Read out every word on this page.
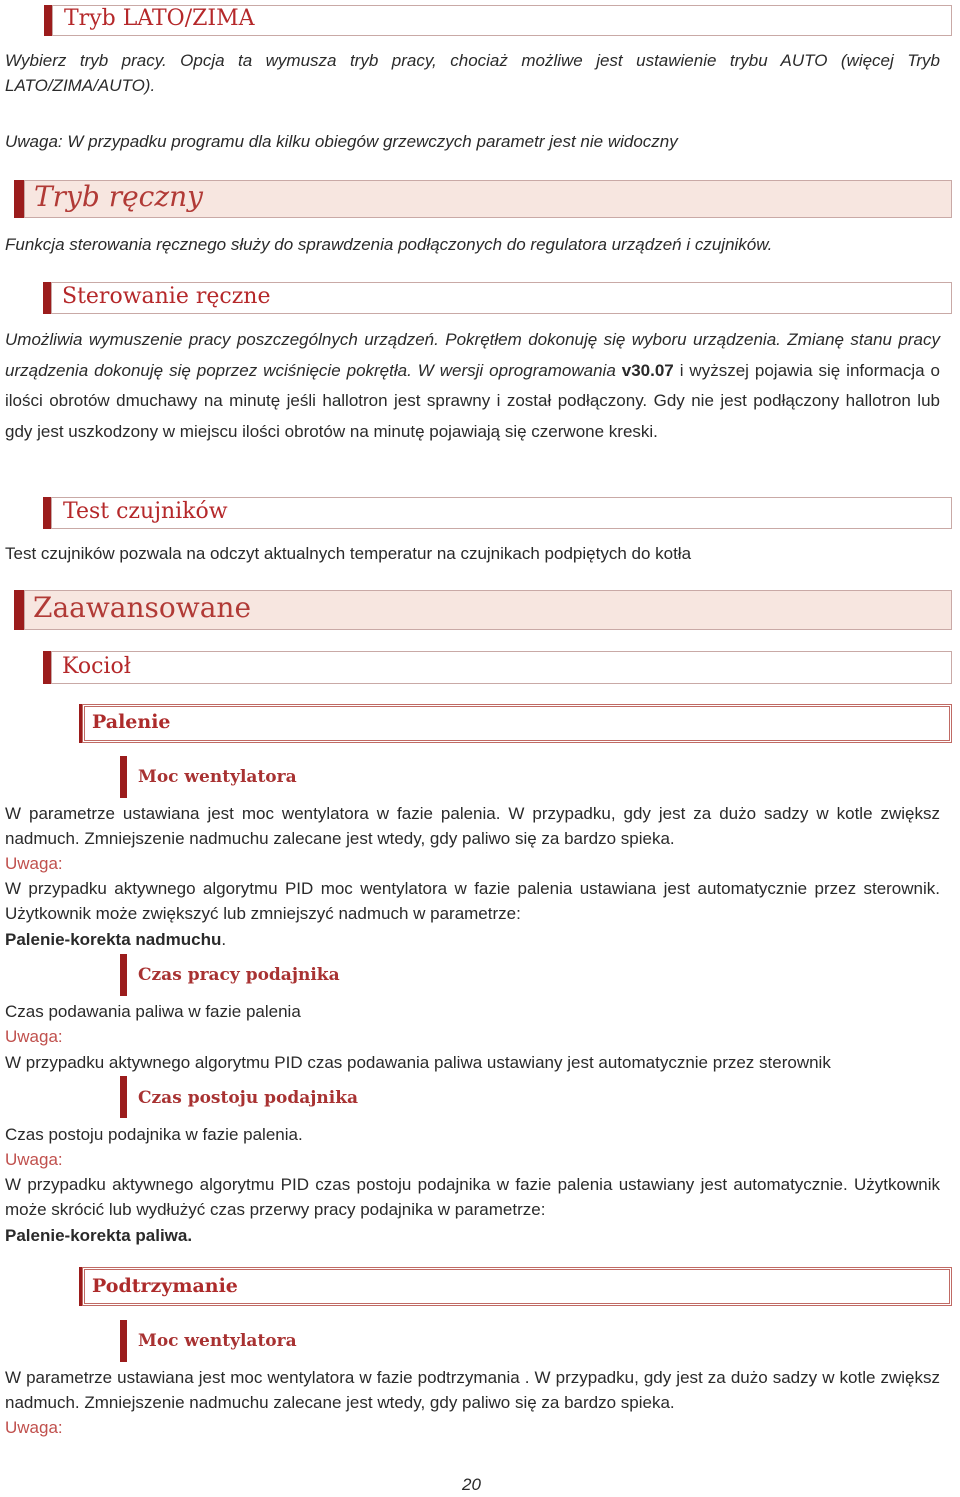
Tryb LATO/ZIMA
Wybierz tryb pracy. Opcja ta wymusza tryb pracy, chociaż możliwe jest ustawienie trybu AUTO (więcej Tryb LATO/ZIMA/AUTO).
Uwaga: W przypadku programu dla kilku obiegów grzewczych parametr jest nie widoczny
Tryb ręczny
Funkcja sterowania ręcznego służy do sprawdzenia podłączonych do regulatora urządzeń i czujników.
Sterowanie ręczne
Umożliwia wymuszenie pracy poszczególnych urządzeń. Pokrętłem dokonuję się wyboru urządzenia. Zmianę stanu pracy urządzenia dokonuję się poprzez wciśnięcie pokrętła. W wersji oprogramowania v30.07 i wyższej pojawia się informacja o ilości obrotów dmuchawy na minutę jeśli hallotron jest sprawny i został podłączony. Gdy nie jest podłączony hallotron lub gdy jest uszkodzony w miejscu ilości obrotów na minutę pojawiają się czerwone kreski.
Test czujników
Test czujników pozwala na odczyt aktualnych temperatur na czujnikach podpiętych do kotła
Zaawansowane
Kocioł
Palenie
Moc wentylatora
W parametrze ustawiana jest moc wentylatora w fazie palenia. W przypadku, gdy jest za dużo sadzy w kotle zwiększ nadmuch. Zmniejszenie nadmuchu zalecane jest wtedy, gdy paliwo się za bardzo spieka.
Uwaga:
W przypadku aktywnego algorytmu PID moc wentylatora w fazie palenia ustawiana jest automatycznie przez sterownik. Użytkownik może zwiększyć lub zmniejszyć nadmuch w parametrze:
Palenie-korekta nadmuchu.
Czas pracy podajnika
Czas podawania paliwa w fazie palenia
Uwaga:
W przypadku aktywnego algorytmu PID czas podawania paliwa ustawiany jest automatycznie przez sterownik
Czas postoju podajnika
Czas postoju podajnika w fazie palenia.
Uwaga:
W przypadku aktywnego algorytmu PID czas postoju podajnika w fazie palenia ustawiany jest automatycznie. Użytkownik może skrócić lub wydłużyć czas przerwy pracy podajnika w parametrze:
Palenie-korekta paliwa.
Podtrzymanie
Moc wentylatora
W parametrze ustawiana jest moc wentylatora w fazie podtrzymania . W przypadku, gdy jest za dużo sadzy w kotle zwiększ nadmuch. Zmniejszenie nadmuchu zalecane jest wtedy, gdy paliwo się za bardzo spieka.
Uwaga:
20
